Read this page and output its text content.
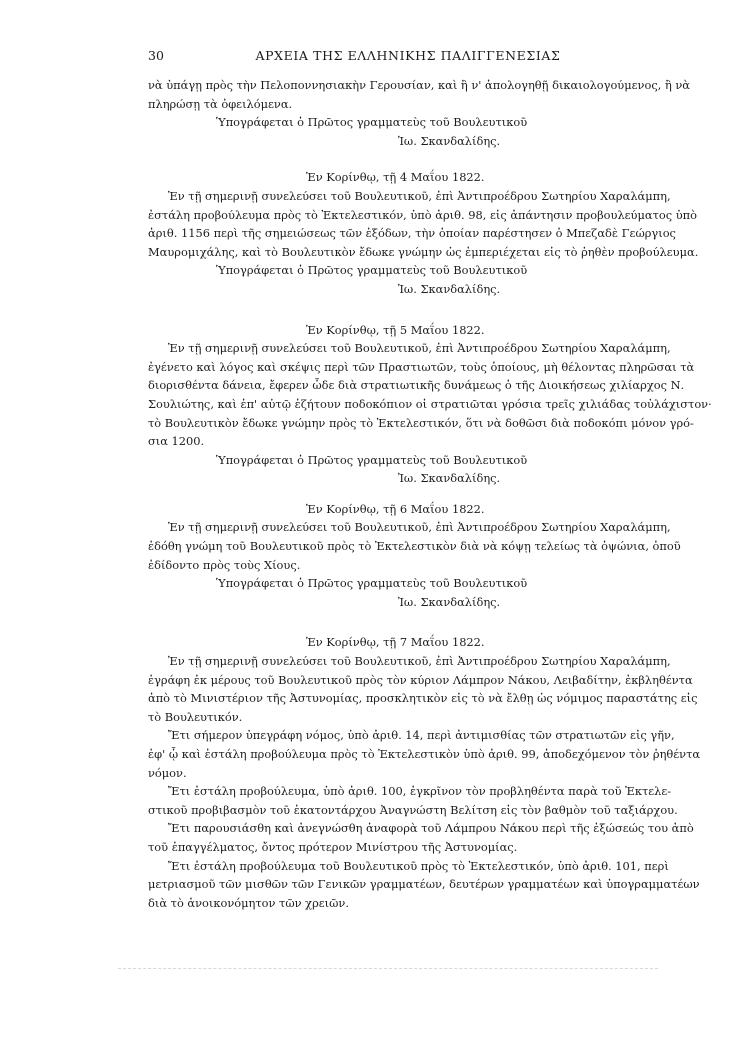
30	ΑΡΧΕΙΑ ΤΗΣ ΕΛΛΗΝΙΚΗΣ ΠΑΛΙΓΓΕΝΕΣΙΑΣ
νὰ ὑπάγῃ πρὸς τὴν Πελοποννησιακὴν Γερουσίαν, καὶ ἢ ν' ἀπολογηθῇ δικαιολογούμενος, ἢ νὰ
πληρώσῃ τὰ ὀφειλόμενα.
Ὑπογράφεται ὁ Πρῶτος γραμματεὺς τοῦ Βουλευτικοῦ
Ἰω. Σκανδαλίδης.
Ἐν Κορίνθῳ, τῇ 4 Μαΐου 1822.
Ἐν τῇ σημερινῇ συνελεύσει τοῦ Βουλευτικοῦ, ἐπὶ Ἀντιπροέδρου Σωτηρίου Χαραλάμπη,
ἐστάλη προβούλευμα πρὸς τὸ Ἐκτελεστικόν, ὑπὸ ἀριθ. 98, εἰς ἀπάντησιν προβουλεύματος ὑπὸ
ἀριθ. 1156 περὶ τῆς σημειώσεως τῶν ἐξόδων, τὴν ὁποίαν παρέστησεν ὁ Μπεζαδὲ Γεώργιος
Μαυρομιχάλης, καὶ τὸ Βουλευτικὸν ἔδωκε γνώμην ὡς ἐμπεριέχεται εἰς τὸ ῥηθὲν προβούλευμα.
Ὑπογράφεται ὁ Πρῶτος γραμματεὺς τοῦ Βουλευτικοῦ
Ἰω. Σκανδαλίδης.
Ἐν Κορίνθῳ, τῇ 5 Μαΐου 1822.
Ἐν τῇ σημερινῇ συνελεύσει τοῦ Βουλευτικοῦ, ἐπὶ Ἀντιπροέδρου Σωτηρίου Χαραλάμπη,
ἐγένετο καὶ λόγος καὶ σκέψις περὶ τῶν Πραστιωτῶν, τοὺς ὁποίους, μὴ θέλοντας πληρῶσαι τὰ
διορισθέντα δάνεια, ἔφερεν ὧδε διὰ στρατιωτικῆς δυνάμεως ὁ τῆς Διοικήσεως χιλίαρχος Ν.
Σουλιώτης, καὶ ἐπ' αὐτῷ ἐζήτουν ποδοκόπιον οἱ στρατιῶται γρόσια τρεῖς χιλιάδας τοὐλάχιστον·
τὸ Βουλευτικὸν ἔδωκε γνώμην πρὸς τὸ Ἐκτελεστικόν, ὅτι νὰ δοθῶσι διὰ ποδοκόπι μόνον γρό-
σια 1200.
Ὑπογράφεται ὁ Πρῶτος γραμματεὺς τοῦ Βουλευτικοῦ
Ἰω. Σκανδαλίδης.
Ἐν Κορίνθῳ, τῇ 6 Μαΐου 1822.
Ἐν τῇ σημερινῇ συνελεύσει τοῦ Βουλευτικοῦ, ἐπὶ Ἀντιπροέδρου Σωτηρίου Χαραλάμπη,
ἐδόθη γνώμη τοῦ Βουλευτικοῦ πρὸς τὸ Ἐκτελεστικὸν διὰ νὰ κόψῃ τελείως τὰ ὀψώνια, ὁποῦ
ἐδίδοντο πρὸς τοὺς Χίους.
Ὑπογράφεται ὁ Πρῶτος γραμματεὺς τοῦ Βουλευτικοῦ
Ἰω. Σκανδαλίδης.
Ἐν Κορίνθῳ, τῇ 7 Μαΐου 1822.
Ἐν τῇ σημερινῇ συνελεύσει τοῦ Βουλευτικοῦ, ἐπὶ Ἀντιπροέδρου Σωτηρίου Χαραλάμπη,
ἐγράφη ἐκ μέρους τοῦ Βουλευτικοῦ πρὸς τὸν κύριον Λάμπρον Νάκου, Λειβαδίτην, ἐκβληθέντα
ἀπὸ τὸ Μινιστέριον τῆς Ἀστυνομίας, προσκλητικὸν εἰς τὸ νὰ ἔλθῃ ὡς νόμιμος παραστάτης εἰς
τὸ Βουλευτικόν.
Ἔτι σήμερον ὑπεγράφη νόμος, ὑπὸ ἀριθ. 14, περὶ ἀντιμισθίας τῶν στρατιωτῶν εἰς γῆν,
ἐφ' ᾧ καὶ ἐστάλη προβούλευμα πρὸς τὸ Ἐκτελεστικὸν ὑπὸ ἀριθ. 99, ἀποδεχόμενον τὸν ῥηθέντα
νόμον.
Ἔτι ἐστάλη προβούλευμα, ὑπὸ ἀριθ. 100, ἐγκρῖνον τὸν προβληθέντα παρὰ τοῦ Ἐκτελε-
στικοῦ προβιβασμὸν τοῦ ἑκατοντάρχου Ἀναγνώστη Βελίτση εἰς τὸν βαθμὸν τοῦ ταξιάρχου.
Ἔτι παρουσιάσθη καὶ ἀνεγνώσθη ἀναφορὰ τοῦ Λάμπρου Νάκου περὶ τῆς ἐξώσεώς του ἀπὸ
τοῦ ἐπαγγέλματος, ὄντος πρότερον Μινίστρου τῆς Ἀστυνομίας.
Ἔτι ἐστάλη προβούλευμα τοῦ Βουλευτικοῦ πρὸς τὸ Ἐκτελεστικόν, ὑπὸ ἀριθ. 101, περὶ
μετριασμοῦ τῶν μισθῶν τῶν Γενικῶν γραμματέων, δευτέρων γραμματέων καὶ ὑπογραμματέων
διὰ τὸ ἀνοικονόμητον τῶν χρειῶν.
